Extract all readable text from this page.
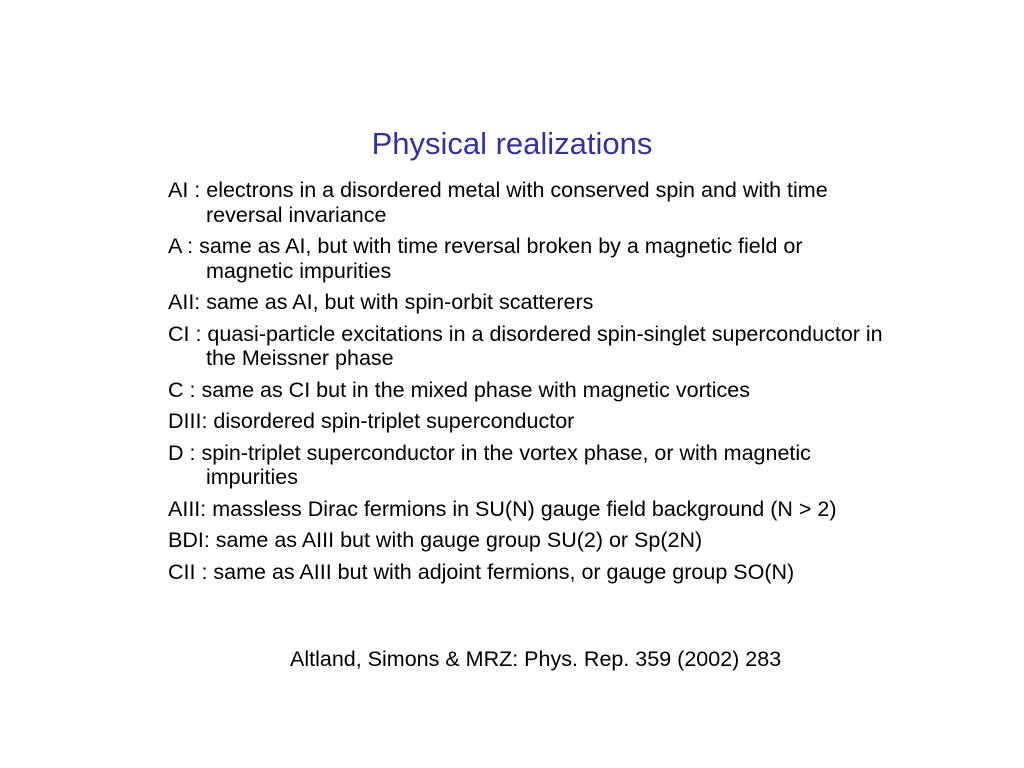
Physical realizations
AI : electrons in a disordered metal with conserved spin and with time reversal invariance
A : same as AI, but with time reversal broken by a magnetic field or magnetic impurities
AII: same as AI, but with spin-orbit scatterers
CI : quasi-particle excitations in a disordered spin-singlet superconductor in the Meissner phase
C : same as CI but in the mixed phase with magnetic vortices
DIII: disordered spin-triplet superconductor
D : spin-triplet superconductor in the vortex phase, or with magnetic impurities
AIII: massless Dirac fermions in SU(N) gauge field background (N > 2)
BDI: same as AIII but with gauge group SU(2) or Sp(2N)
CII : same as AIII but with adjoint fermions, or gauge group SO(N)
Altland, Simons & MRZ: Phys. Rep. 359 (2002) 283
